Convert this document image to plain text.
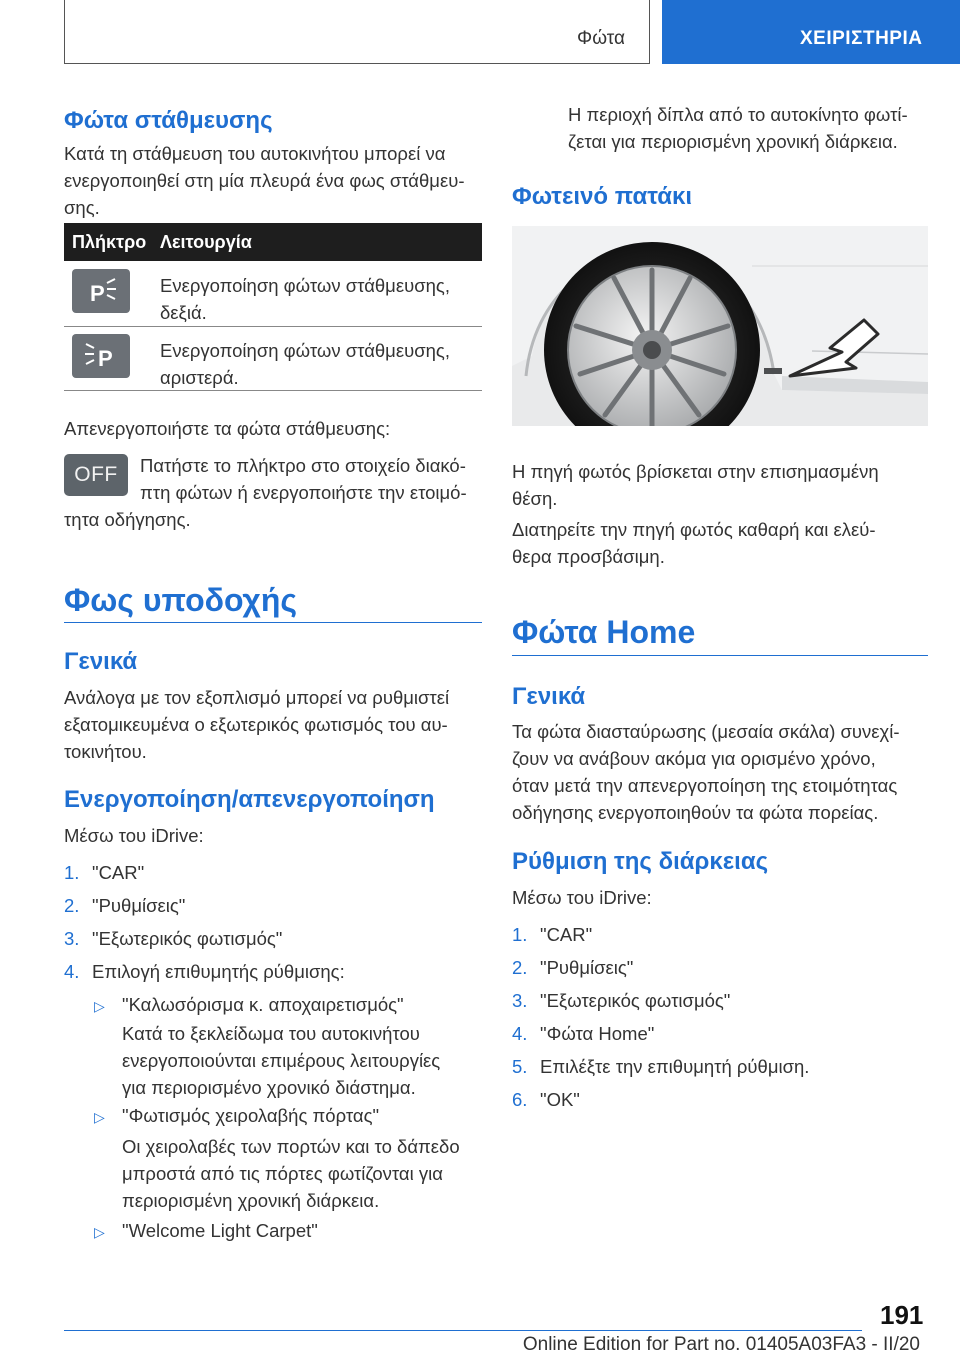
Φώτα	ΧΕΙΡΙΣΤΗΡΙΑ
Φώτα στάθμευσης
Κατά τη στάθμευση του αυτοκινήτου μπορεί να
ενεργοποιηθεί στη μία πλευρά ένα φως στάθμευ-
σης.
Πλήκτρο Λειτουργία
P	Ενεργοποίηση φώτων στάθμευσης,
δεξιά.
P	Ενεργοποίηση φώτων στάθμευσης,
αριστερά.
Απενεργοποιήστε τα φώτα στάθμευσης:
OFF	Πατήστε το πλήκτρο στο στοιχείο διακό-
πτη φώτων ή ενεργοποιήστε την ετοιμό-
τητα οδήγησης.
Φως υποδοχής
Γενικά
Ανάλογα με τον εξοπλισμό μπορεί να ρυθμιστεί
εξατομικευμένα ο εξωτερικός φωτισμός του αυ-
τοκινήτου.
Ενεργοποίηση/απενεργοποίηση
Μέσω του iDrive:
1. "CAR"
2. "Ρυθμίσεις"
3. "Εξωτερικός φωτισμός"
4. Επιλογή επιθυμητής ρύθμισης:
▷ "Καλωσόρισμα κ. αποχαιρετισμός"
Κατά το ξεκλείδωμα του αυτοκινήτου
ενεργοποιούνται επιμέρους λειτουργίες
για περιορισμένο χρονικό διάστημα.
▷ "Φωτισμός χειρολαβής πόρτας"
Οι χειρολαβές των πορτών και το δάπεδο
μπροστά από τις πόρτες φωτίζονται για
περιορισμένη χρονική διάρκεια.
▷ "Welcome Light Carpet"
Η περιοχή δίπλα από το αυτοκίνητο φωτί-
ζεται για περιορισμένη χρονική διάρκεια.
Φωτεινό πατάκι
Η πηγή φωτός βρίσκεται στην επισημασμένη
θέση.
Διατηρείτε την πηγή φωτός καθαρή και ελεύ-
θερα προσβάσιμη.
Φώτα Home
Γενικά
Τα φώτα διασταύρωσης (μεσαία σκάλα) συνεχί-
ζουν να ανάβουν ακόμα για ορισμένο χρόνο,
όταν μετά την απενεργοποίηση της ετοιμότητας
οδήγησης ενεργοποιηθούν τα φώτα πορείας.
Ρύθμιση της διάρκειας
Μέσω του iDrive:
1. "CAR"
2. "Ρυθμίσεις"
3. "Εξωτερικός φωτισμός"
4. "Φώτα Home"
5. Επιλέξτε την επιθυμητή ρύθμιση.
6. "OK"
191
Online Edition for Part no. 01405A03FA3 - II/20
